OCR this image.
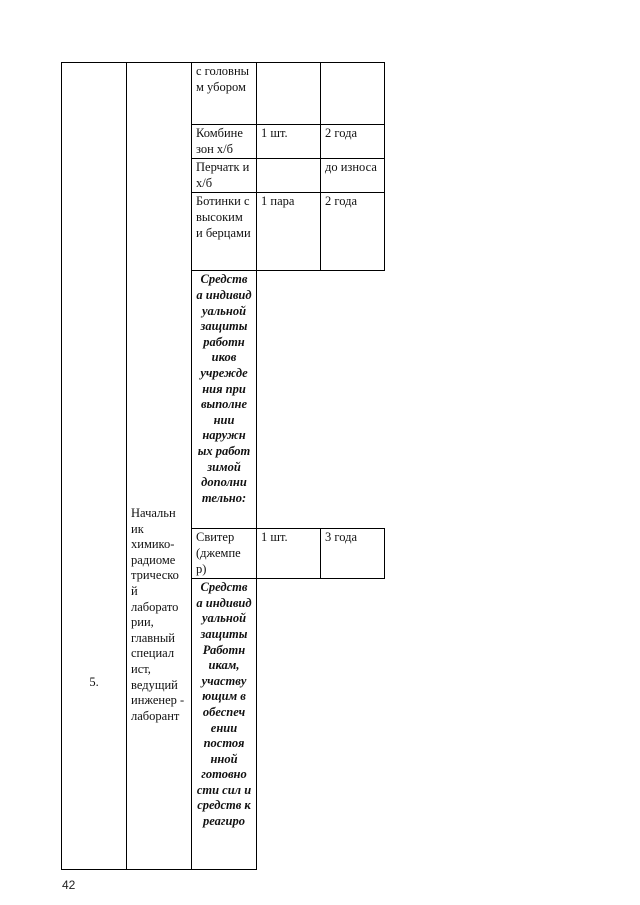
5.	Начальн ик химико- радиоме трическо й лаборато рии, главный специал ист, ведущий инженер - лаборант	с головны м убором		
		Комбине зон х/б	1 шт.	2 года
		Перчатк и х/б		до износа
		Ботинки с высоким и берцами	1 пара	2 года
		Средств а индивид уальной защиты работн иков учрежде ния при выполне нии наружн ых работ зимой дополни тельно:		
		Свитер (джемпе р)	1 шт.	3 года
		Средств а индивид уальной защиты Работн икам, участву ющим в обеспеч ении постоя нной готовно сти сил и средств к реагиро		
42
